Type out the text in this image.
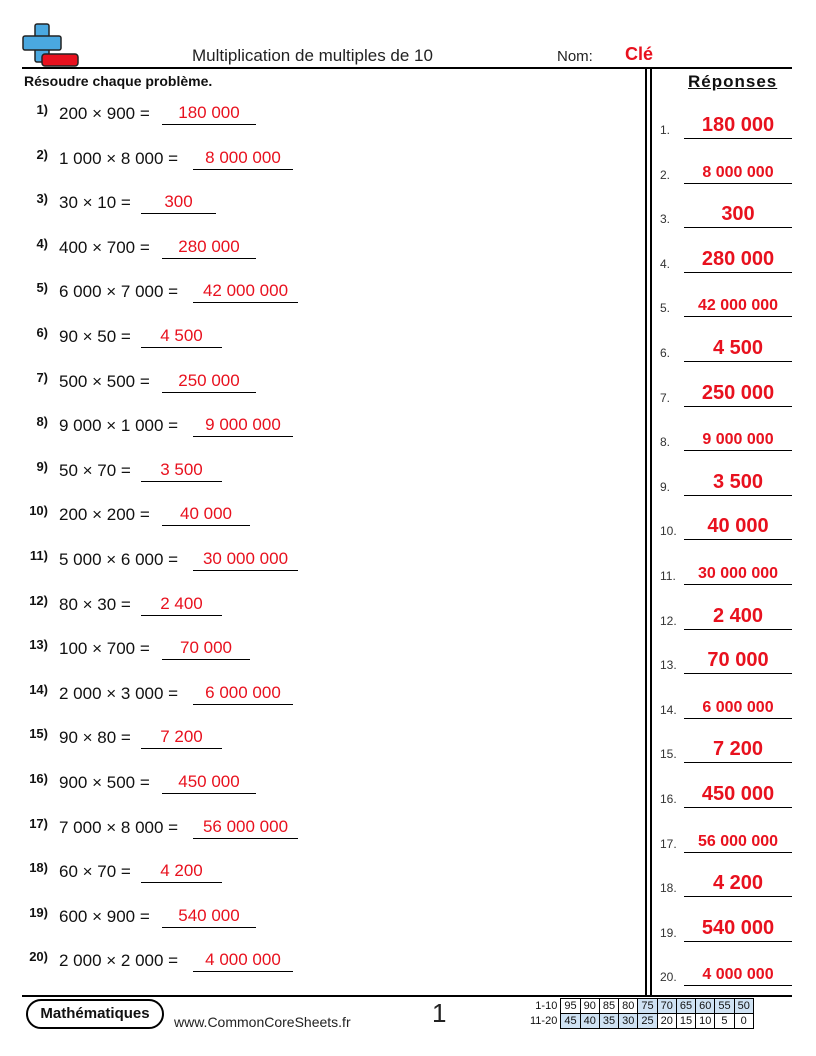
Multiplication de multiples de 10	Nom: Clé
Résoudre chaque problème.	Réponses
1) 200 × 900 =	180 000
2) 1 000 × 8 000 =	8 000 000
3) 30 × 10 =	300
4) 400 × 700 =	280 000
5) 6 000 × 7 000 =	42 000 000
6) 90 × 50 =	4 500
7) 500 × 500 =	250 000
8) 9 000 × 1 000 =	9 000 000
9) 50 × 70 =	3 500
10) 200 × 200 =	40 000
11) 5 000 × 6 000 =	30 000 000
12) 80 × 30 =	2 400
13) 100 × 700 =	70 000
14) 2 000 × 3 000 =	6 000 000
15) 90 × 80 =	7 200
16) 900 × 500 =	450 000
17) 7 000 × 8 000 =	56 000 000
18) 60 × 70 =	4 200
19) 600 × 900 =	540 000
20) 2 000 × 2 000 =	4 000 000
1.	180 000
2.	8 000 000
3.	300
4.	280 000
5.	42 000 000
6.	4 500
7.	250 000
8.	9 000 000
9.	3 500
10.	40 000
11.	30 000 000
12.	2 400
13.	70 000
14.	6 000 000
15.	7 200
16.	450 000
17.	56 000 000
18.	4 200
19.	540 000
20.	4 000 000
Mathématiques	www.CommonCoreSheets.fr	1	1-10	95	90	85	80	75	70	65	60	55	50
11-20	45	40	35	30	25	20	15	10	5	0
